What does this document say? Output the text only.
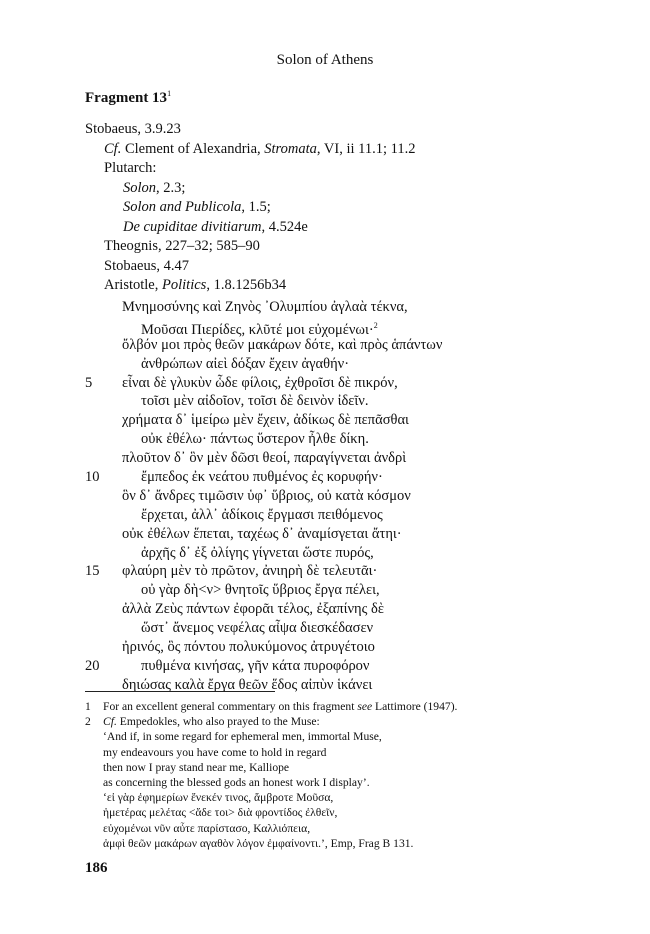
Solon of Athens
Fragment $13^1$
Stobaeus, 3.9.23
Cf. Clement of Alexandria, Stromata, VI, ii 11.1; 11.2
Plutarch:
Solon, 2.3;
Solon and Publicola, 1.5;
De cupiditae divitiarum, 4.524e
Theognis, 227–32; 585–90
Stobaeus, 4.47
Aristotle, Politics, 1.8.1256b34
Μνημοσύνης καὶ Ζηνὸς ᾽Ολυμπίου ἀγλαὰ τέκνα,
Μοῦσαι Πιερίδες, κλῦτέ μοι εὐχομένωι·$^2$
ὄλβόν μοι πρὸς θεῶν μακάρων δότε, καὶ πρὸς ἁπάντων
ἀνθρώπων αἰεὶ δόξαν ἔχειν ἀγαθήν·
5 εἶναι δὲ γλυκὺν ὧδε φίλοις, ἐχθροῖσι δὲ πικρόν,
τοῖσι μὲν αἰδοῖον, τοῖσι δὲ δεινὸν ἰδεῖν.
χρήματα δ᾽ ἱμείρω μὲν ἔχειν, ἀδίκως δὲ πεπᾶσθαι
οὐκ ἐθέλω· πάντως ὕστερον ἦλθε δίκη.
πλοῦτον δ᾽ ὃν μὲν δῶσι θεοί, παραγίγνεται ἀνδρὶ
10	ἔμπεδος ἐκ νεάτου πυθμένος ἐς κορυφήν·
ὃν δ᾽ ἄνδρες τιμῶσιν ὑφ᾽ ὕβριος, οὐ κατὰ κόσμον
ἔρχεται, ἀλλ᾽ ἀδίκοις ἔργμασι πειθόμενος
οὐκ ἐθέλων ἕπεται, ταχέως δ᾽ ἀναμίσγεται ἄτηι·
ἀρχῆς δ᾽ ἐξ ὀλίγης γίγνεται ὥστε πυρός,
15 φλαύρη μὲν τὸ πρῶτον, ἀνιηρὴ δὲ τελευτᾶι·
οὐ γὰρ δὴ<ν> θνητοῖς ὕβριος ἔργα πέλει,
ἀλλὰ Ζεὺς πάντων ἐφορᾶι τέλος, ἐξαπίνης δὲ
ὥστ᾽ ἄνεμος νεφέλας αἶψα διεσκέδασεν
ἠρινός, ὃς πόντου πολυκύμονος ἀτρυγέτοιο
20	πυθμένα κινήσας, γῆν κάτα πυροφόρον
δηιώσας καλὰ ἔργα θεῶν ἕδος αἰπὺν ἱκάνει
1 For an excellent general commentary on this fragment see Lattimore (1947).
2 Cf. Empedokles, who also prayed to the Muse:
‘And if, in some regard for ephemeral men, immortal Muse,
my endeavours you have come to hold in regard
then now I pray stand near me, Kalliope
as concerning the blessed gods an honest work I display’.
‘εἰ γὰρ ἐφημερίων ἕνεκέν τινος, ἄμβροτε Μοῦσα,
ἡμετέρας μελέτας <ἅδε τοι> διὰ φροντίδος ἐλθεῖν,
εὐχομένωι νῦν αὖτε παρίστασο, Καλλιόπεια,
ἀμφὶ θεῶν μακάρων αγαθὸν λόγον ἐμφαίνοντι.’, Emp, Frag B 131.
186
